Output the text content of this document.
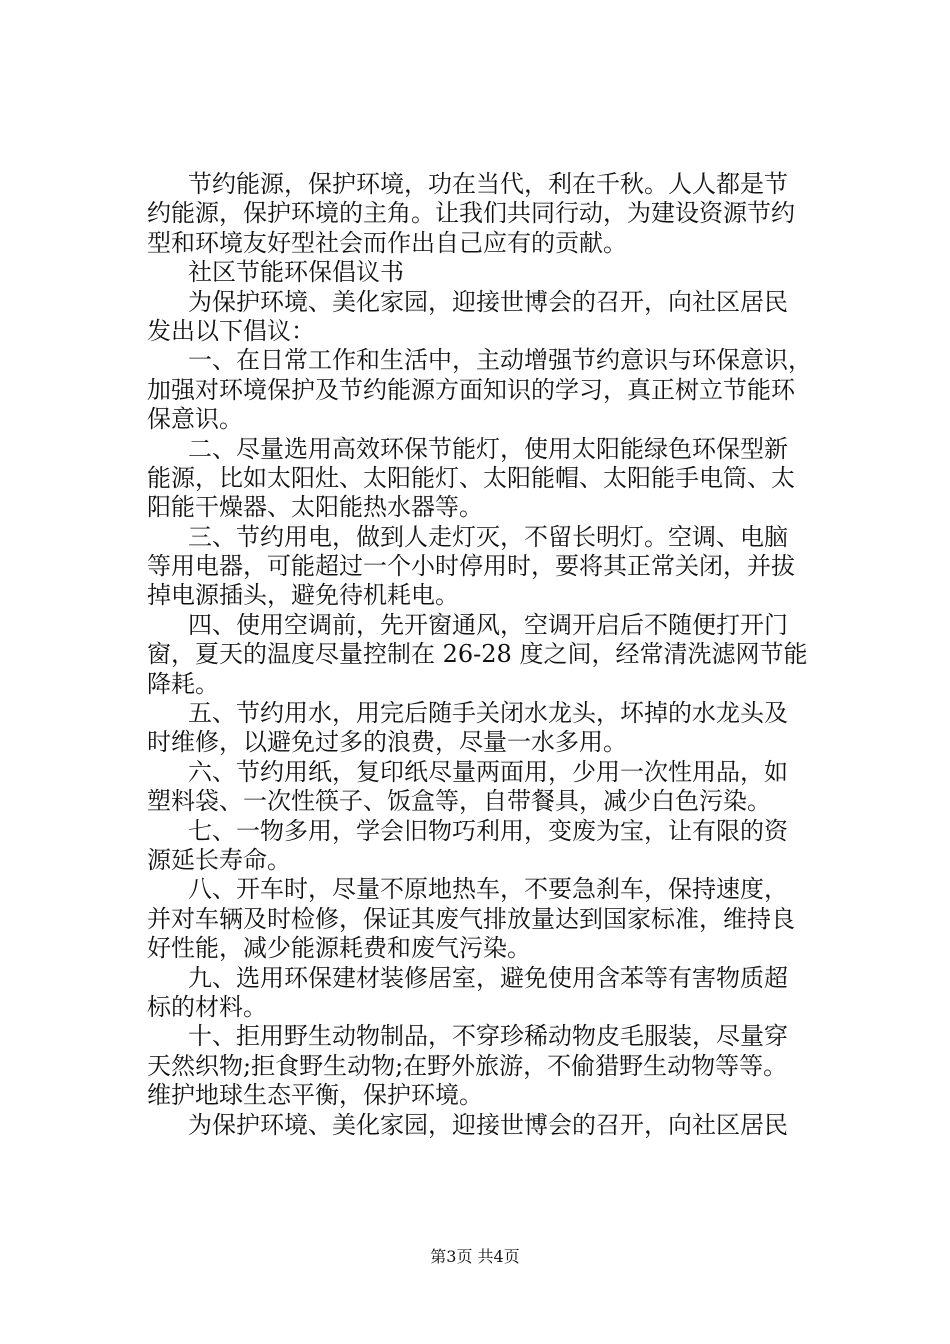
节约能源，保护环境，功在当代，利在千秋。人人都是节
约能源，保护环境的主角。让我们共同行动，为建设资源节约
型和环境友好型社会而作出自己应有的贡献。
社区节能环保倡议书
为保护环境、美化家园，迎接世博会的召开，向社区居民
发出以下倡议：
一、在日常工作和生活中，主动增强节约意识与环保意识，
加强对环境保护及节约能源方面知识的学习，真正树立节能环
保意识。
二、尽量选用高效环保节能灯，使用太阳能绿色环保型新
能源，比如太阳灶、太阳能灯、太阳能帽、太阳能手电筒、太
阳能干燥器、太阳能热水器等。
三、节约用电，做到人走灯灭，不留长明灯。空调、电脑
等用电器，可能超过一个小时停用时，要将其正常关闭，并拔
掉电源插头，避免待机耗电。
四、使用空调前，先开窗通风，空调开启后不随便打开门
窗，夏天的温度尽量控制在 26-28 度之间，经常清洗滤网节能
降耗。
五、节约用水，用完后随手关闭水龙头，坏掉的水龙头及
时维修，以避免过多的浪费，尽量一水多用。
六、节约用纸，复印纸尽量两面用，少用一次性用品，如
塑料袋、一次性筷子、饭盒等，自带餐具，减少白色污染。
七、一物多用，学会旧物巧利用，变废为宝，让有限的资
源延长寿命。
八、开车时，尽量不原地热车，不要急刹车，保持速度，
并对车辆及时检修，保证其废气排放量达到国家标准，维持良
好性能，减少能源耗费和废气污染。
九、选用环保建材装修居室，避免使用含苯等有害物质超
标的材料。
十、拒用野生动物制品，不穿珍稀动物皮毛服装，尽量穿
天然织物;拒食野生动物;在野外旅游，不偷猎野生动物等等。
维护地球生态平衡，保护环境。
为保护环境、美化家园，迎接世博会的召开，向社区居民
第3页 共4页
